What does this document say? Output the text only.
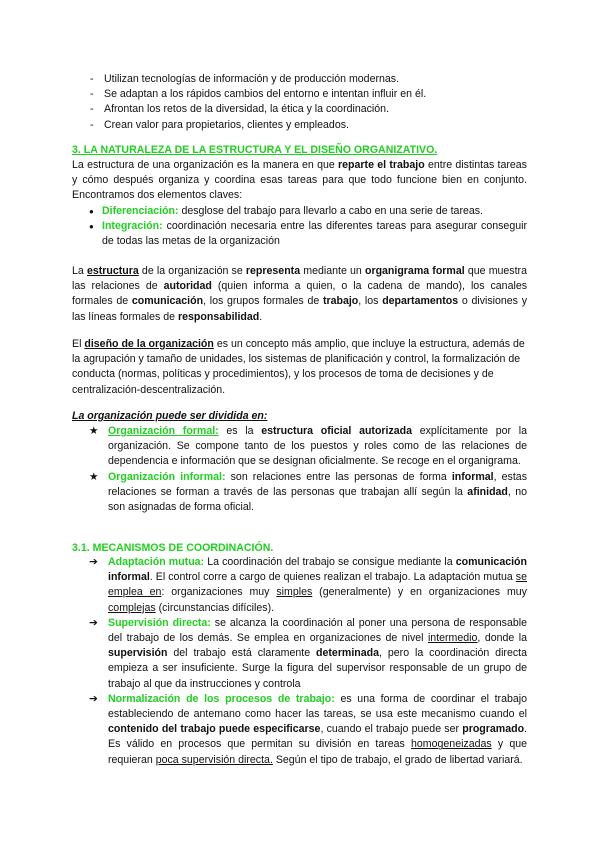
- Utilizan tecnologías de información y de producción modernas.
- Se adaptan a los rápidos cambios del entorno e intentan influir en él.
- Afrontan los retos de la diversidad, la ética y la coordinación.
- Crean valor para propietarios, clientes y empleados.
3. LA NATURALEZA DE LA ESTRUCTURA Y EL DISEÑO ORGANIZATIVO.
La estructura de una organización es la manera en que reparte el trabajo entre distintas tareas y cómo después organiza y coordina esas tareas para que todo funcione bien en conjunto. Encontramos dos elementos claves:
● Diferenciación: desglose del trabajo para llevarlo a cabo en una serie de tareas.
● Integración: coordinación necesaria entre las diferentes tareas para asegurar conseguir de todas las metas de la organización
La estructura de la organización se representa mediante un organigrama formal que muestra las relaciones de autoridad (quien informa a quien, o la cadena de mando), los canales formales de comunicación, los grupos formales de trabajo, los departamentos o divisiones y las líneas formales de responsabilidad.
El diseño de la organización es un concepto más amplio, que incluye la estructura, además de la agrupación y tamaño de unidades, los sistemas de planificación y control, la formalización de conducta (normas, políticas y procedimientos), y los procesos de toma de decisiones y de centralización-descentralización.
La organización puede ser dividida en:
★ Organización formal: es la estructura oficial autorizada explícitamente por la organización. Se compone tanto de los puestos y roles como de las relaciones de dependencia e información que se designan oficialmente. Se recoge en el organigrama.
★ Organización informal: son relaciones entre las personas de forma informal, estas relaciones se forman a través de las personas que trabajan allí según la afinidad, no son asignadas de forma oficial.
3.1. MECANISMOS DE COORDINACIÓN.
➔ Adaptación mutua: La coordinación del trabajo se consigue mediante la comunicación informal. El control corre a cargo de quienes realizan el trabajo. La adaptación mutua se emplea en: organizaciones muy simples (generalmente) y en organizaciones muy complejas (circunstancias difíciles).
➔ Supervisión directa: se alcanza la coordinación al poner una persona de responsable del trabajo de los demás. Se emplea en organizaciones de nivel intermedio, donde la supervisión del trabajo está claramente determinada, pero la coordinación directa empieza a ser insuficiente. Surge la figura del supervisor responsable de un grupo de trabajo al que da instrucciones y controla
➔ Normalización de los procesos de trabajo: es una forma de coordinar el trabajo estableciendo de antemano como hacer las tareas, se usa este mecanismo cuando el contenido del trabajo puede especificarse, cuando el trabajo puede ser programado. Es válido en procesos que permitan su división en tareas homogeneizadas y que requieran poca supervisión directa. Según el tipo de trabajo, el grado de libertad variará.
